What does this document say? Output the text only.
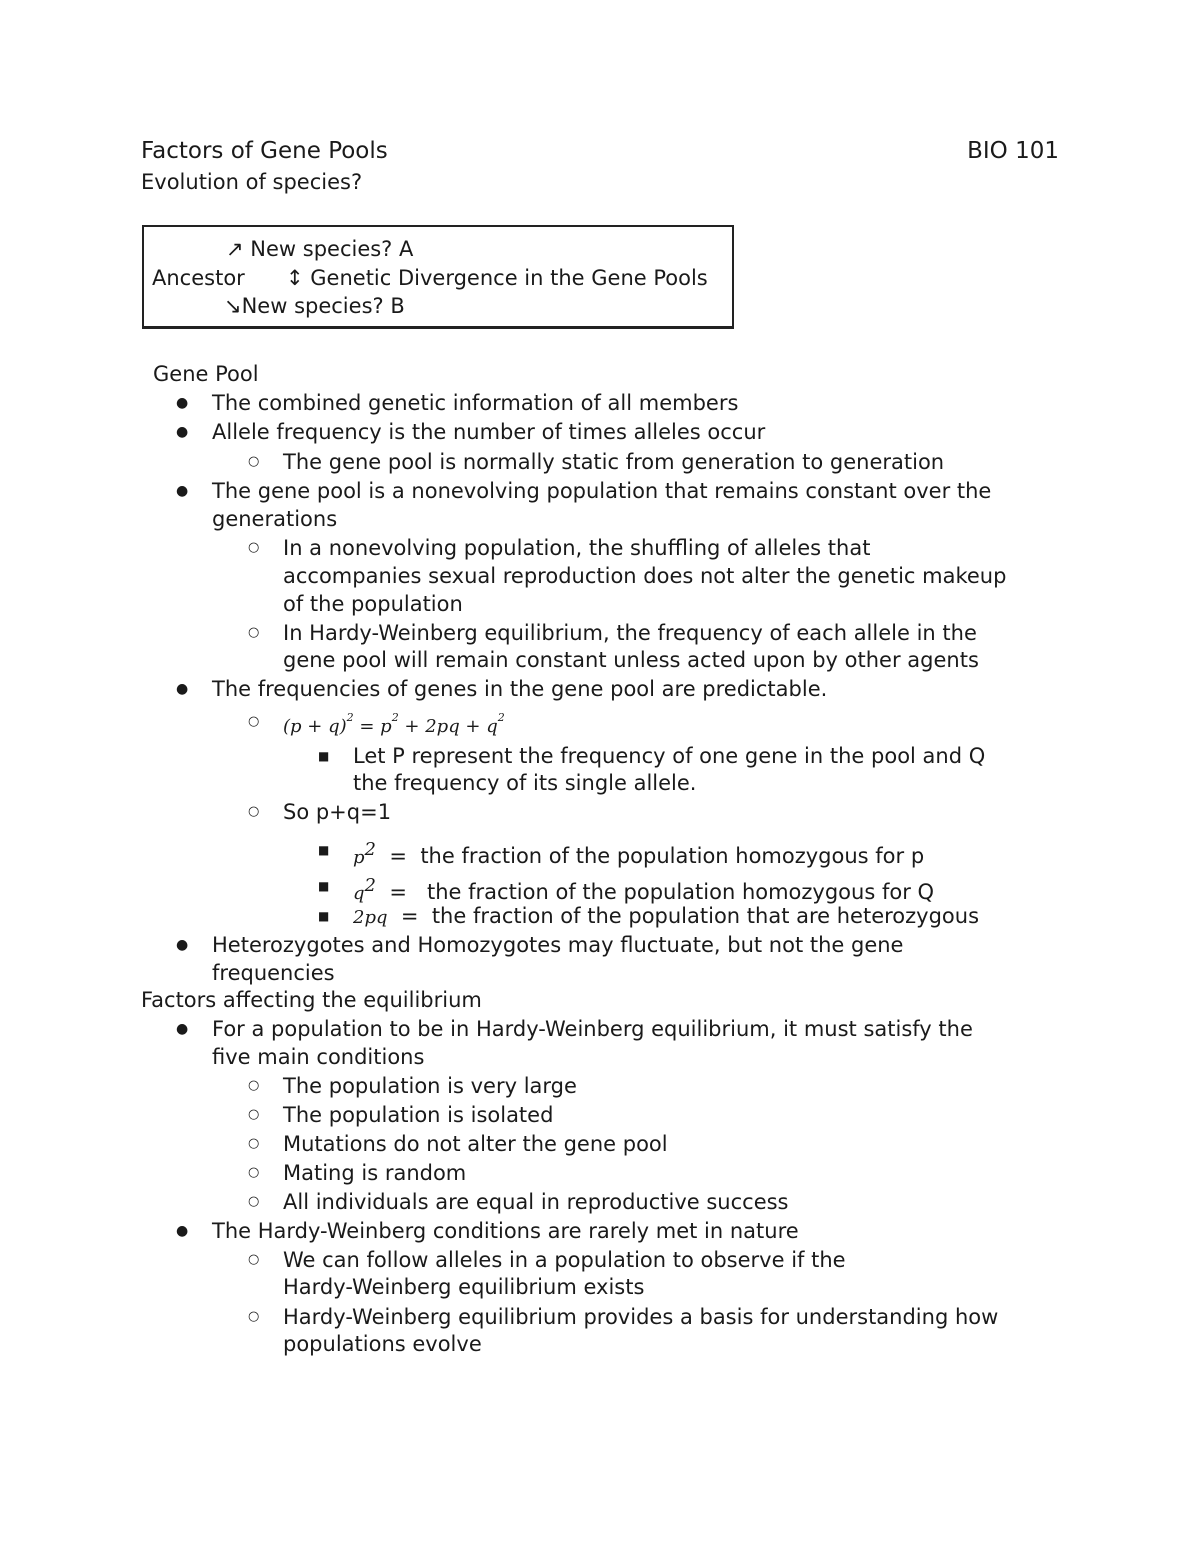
Factors of Gene Pools	BIO 101
Evolution of species?
↗ New species? A
Ancestor ↕ Genetic Divergence in the Gene Pools
↘New species? B
Gene Pool
● The combined genetic information of all members
● Allele frequency is the number of times alleles occur
○ The gene pool is normally static from generation to generation
● The gene pool is a nonevolving population that remains constant over the
generations
○ In a nonevolving population, the shuffling of alleles that
accompanies sexual reproduction does not alter the genetic makeup
of the population
○ In Hardy-Weinberg equilibrium, the frequency of each allele in the
gene pool will remain constant unless acted upon by other agents
● The frequencies of genes in the gene pool are predictable.
○ $(p + q)^2 = p^2 + 2pq + q^2$
■ Let P represent the frequency of one gene in the pool and Q
the frequency of its single allele.
○ So p+q=1
■ $p^2$ = the fraction of the population homozygous for p
■ $q^2$ = the fraction of the population homozygous for Q
■ 2pq = the fraction of the population that are heterozygous
● Heterozygotes and Homozygotes may fluctuate, but not the gene
frequencies
Factors affecting the equilibrium
● For a population to be in Hardy-Weinberg equilibrium, it must satisfy the
five main conditions
○ The population is very large
○ The population is isolated
○ Mutations do not alter the gene pool
○ Mating is random
○ All individuals are equal in reproductive success
● The Hardy-Weinberg conditions are rarely met in nature
○ We can follow alleles in a population to observe if the
Hardy-Weinberg equilibrium exists
○ Hardy-Weinberg equilibrium provides a basis for understanding how
populations evolve
